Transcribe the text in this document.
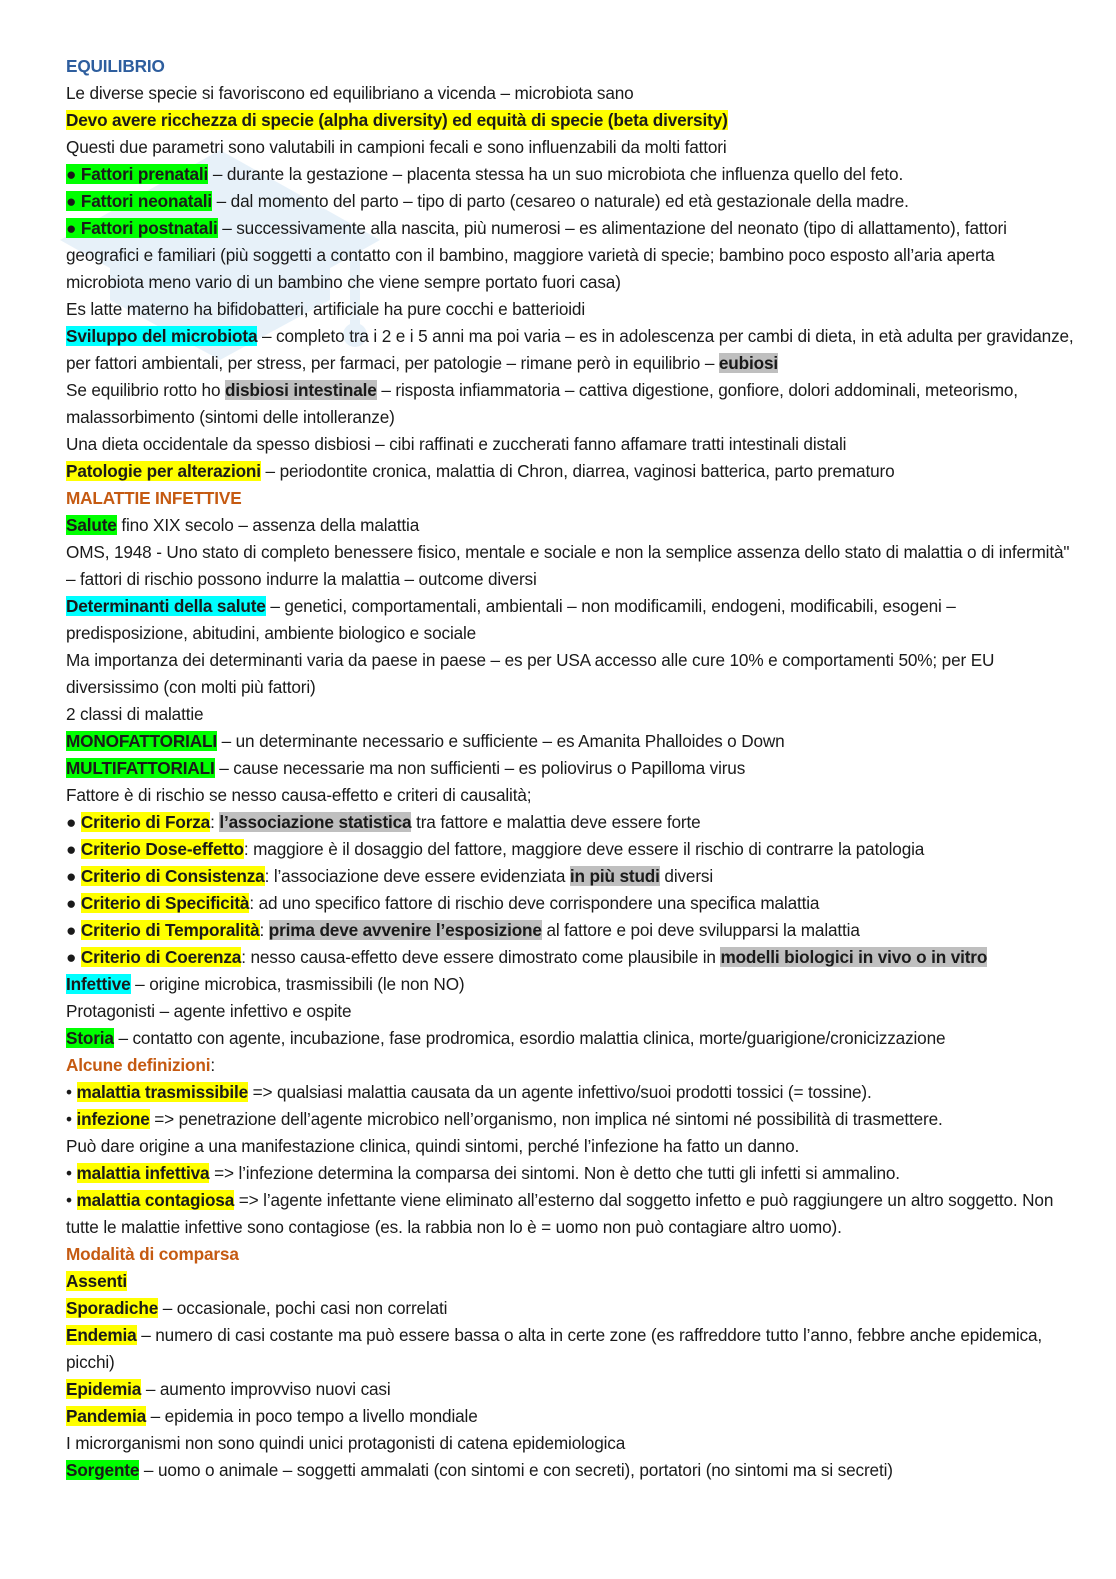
EQUILIBRIO
Le diverse specie si favoriscono ed equilibriano a vicenda – microbiota sano
Devo avere ricchezza di specie (alpha diversity) ed equità di specie (beta diversity)
Questi due parametri sono valutabili in campioni fecali e sono influenzabili da molti fattori
● Fattori prenatali – durante la gestazione – placenta stessa ha un suo microbiota che influenza quello del feto.
● Fattori neonatali – dal momento del parto – tipo di parto (cesareo o naturale) ed età gestazionale della madre.
● Fattori postnatali – successivamente alla nascita, più numerosi – es alimentazione del neonato (tipo di allattamento), fattori geografici e familiari (più soggetti a contatto con il bambino, maggiore varietà di specie; bambino poco esposto all’aria aperta microbiota meno vario di un bambino che viene sempre portato fuori casa)
Es latte materno ha bifidobatteri, artificiale ha pure cocchi e batterioidi
Sviluppo del microbiota – completo tra i 2 e i 5 anni ma poi varia – es in adolescenza per cambi di dieta, in età adulta per gravidanze, per fattori ambientali, per stress, per farmaci, per patologie – rimane però in equilibrio – eubiosi
Se equilibrio rotto ho disbiosi intestinale – risposta infiammatoria – cattiva digestione, gonfiore, dolori addominali, meteorismo, malassorbimento (sintomi delle intolleranze)
Una dieta occidentale da spesso disbiosi – cibi raffinati e zuccherati fanno affamare tratti intestinali distali
Patologie per alterazioni – periodontite cronica, malattia di Chron, diarrea, vaginosi batterica, parto prematuro
MALATTIE INFETTIVE
Salute fino XIX secolo – assenza della malattia
OMS, 1948 - Uno stato di completo benessere fisico, mentale e sociale e non la semplice assenza dello stato di malattia o di infermità" – fattori di rischio possono indurre la malattia – outcome diversi
Determinanti della salute – genetici, comportamentali, ambientali – non modificamili, endogeni, modificabili, esogeni – predisposizione, abitudini, ambiente biologico e sociale
Ma importanza dei determinanti varia da paese in paese – es per USA accesso alle cure 10% e comportamenti 50%; per EU diversissimo (con molti più fattori)
2 classi di malattie
MONOFATTORIALI – un determinante necessario e sufficiente – es Amanita Phalloides o Down
MULTIFATTORIALI – cause necessarie ma non sufficienti – es poliovirus o Papilloma virus
Fattore è di rischio se nesso causa-effetto e criteri di causalità;
● Criterio di Forza: l’associazione statistica tra fattore e malattia deve essere forte
● Criterio Dose-effetto: maggiore è il dosaggio del fattore, maggiore deve essere il rischio di contrarre la patologia
● Criterio di Consistenza: l’associazione deve essere evidenziata in più studi diversi
● Criterio di Specificità: ad uno specifico fattore di rischio deve corrispondere una specifica malattia
● Criterio di Temporalità: prima deve avvenire l’esposizione al fattore e poi deve svilupparsi la malattia
● Criterio di Coerenza: nesso causa-effetto deve essere dimostrato come plausibile in modelli biologici in vivo o in vitro
Infettive – origine microbica, trasmissibili (le non NO)
Protagonisti – agente infettivo e ospite
Storia – contatto con agente, incubazione, fase prodromica, esordio malattia clinica, morte/guarigione/cronicizzazione
Alcune definizioni:
• malattia trasmissibile => qualsiasi malattia causata da un agente infettivo/suoi prodotti tossici (= tossine).
• infezione => penetrazione dell’agente microbico nell’organismo, non implica né sintomi né possibilità di trasmettere.
Può dare origine a una manifestazione clinica, quindi sintomi, perché l’infezione ha fatto un danno.
• malattia infettiva => l’infezione determina la comparsa dei sintomi. Non è detto che tutti gli infetti si ammalino.
• malattia contagiosa => l’agente infettante viene eliminato all’esterno dal soggetto infetto e può raggiungere un altro soggetto. Non tutte le malattie infettive sono contagiose (es. la rabbia non lo è = uomo non può contagiare altro uomo).
Modalità di comparsa
Assenti
Sporadiche – occasionale, pochi casi non correlati
Endemia – numero di casi costante ma può essere bassa o alta in certe zone (es raffreddore tutto l’anno, febbre anche epidemica, picchi)
Epidemia – aumento improvviso nuovi casi
Pandemia – epidemia in poco tempo a livello mondiale
I microrganismi non sono quindi unici protagonisti di catena epidemiologica
Sorgente – uomo o animale – soggetti ammalati (con sintomi e con secreti), portatori (no sintomi ma si secreti)
